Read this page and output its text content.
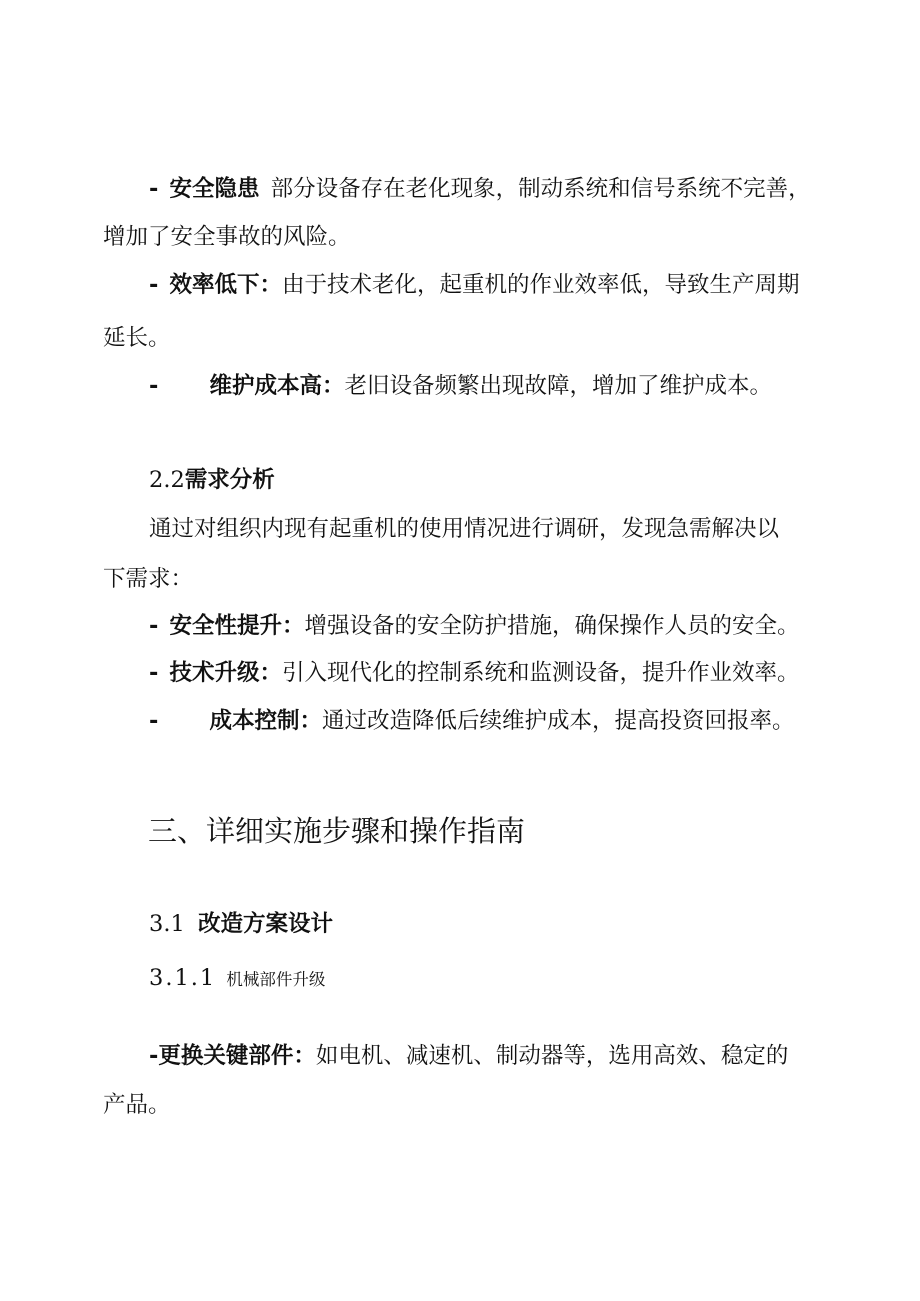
- 安全隐患 部分设备存在老化现象，制动系统和信号系统不完善，
增加了安全事故的风险。
- 效率低下：由于技术老化，起重机的作业效率低，导致生产周期
延长。
- 维护成本高：老旧设备频繁出现故障，增加了维护成本。
2.2需求分析
通过对组织内现有起重机的使用情况进行调研，发现急需解决以
下需求：
- 安全性提升：增强设备的安全防护措施，确保操作人员的安全。
- 技术升级：引入现代化的控制系统和监测设备，提升作业效率。
- 成本控制：通过改造降低后续维护成本，提高投资回报率。
三、详细实施步骤和操作指南
3.1 改造方案设计
3.1.1 机械部件升级
-更换关键部件：如电机、减速机、制动器等，选用高效、稳定的
产品。
